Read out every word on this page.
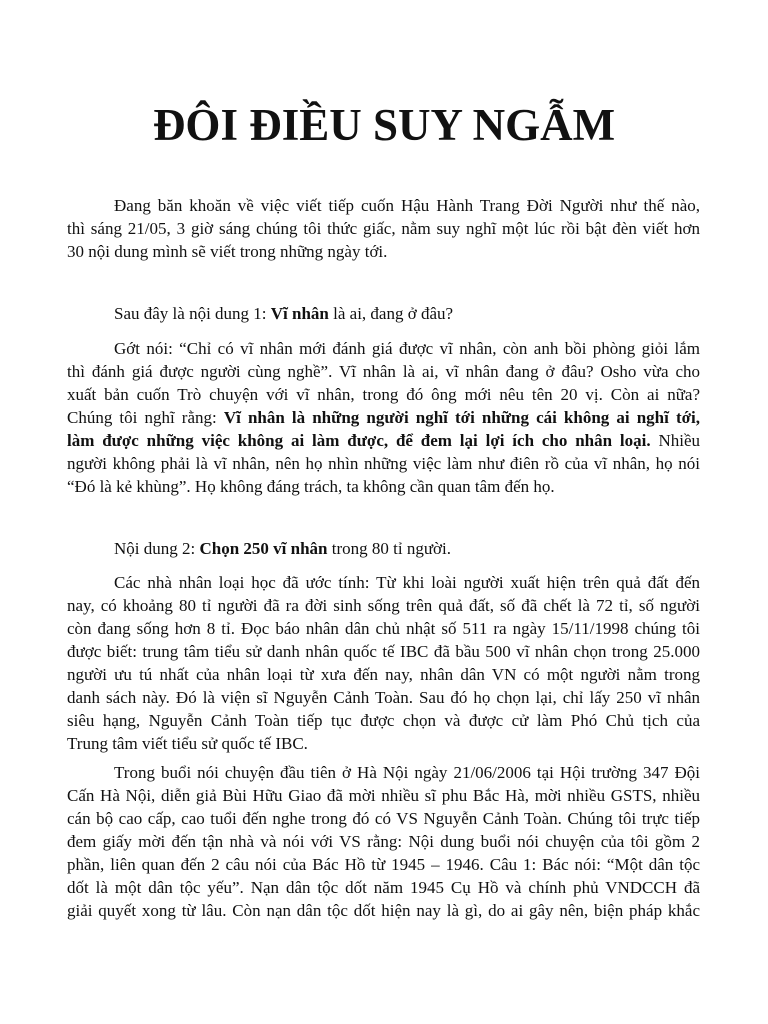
ĐÔI ĐIỀU SUY NGẪM
Đang băn khoăn về việc viết tiếp cuốn Hậu Hành Trang Đời Người như thế nào,
thì sáng 21/05, 3 giờ sáng chúng tôi thức giấc, nằm suy nghĩ một lúc rồi bật đèn viết hơn
30 nội dung mình sẽ viết trong những ngày tới.
Sau đây là nội dung 1: Vĩ nhân là ai, đang ở đâu?
Gớt nói: “Chỉ có vĩ nhân mới đánh giá được vĩ nhân, còn anh bồi phòng giỏi lắm
thì đánh giá được người cùng nghề”. Vĩ nhân là ai, vĩ nhân đang ở đâu? Osho vừa cho
xuất bản cuốn Trò chuyện với vĩ nhân, trong đó ông mới nêu tên 20 vị. Còn ai nữa?
Chúng tôi nghĩ rằng: Vĩ nhân là những người nghĩ tới những cái không ai nghĩ tới,
làm được những việc không ai làm được, để đem lại lợi ích cho nhân loại. Nhiều
người không phải là vĩ nhân, nên họ nhìn những việc làm như điên rồ của vĩ nhân, họ nói
“Đó là kẻ khùng”. Họ không đáng trách, ta không cần quan tâm đến họ.
Nội dung 2: Chọn 250 vĩ nhân trong 80 tỉ người.
Các nhà nhân loại học đã ước tính: Từ khi loài người xuất hiện trên quả đất đến
nay, có khoảng 80 tỉ người đã ra đời sinh sống trên quả đất, số đã chết là 72 tỉ, số người
còn đang sống hơn 8 tỉ. Đọc báo nhân dân chủ nhật số 511 ra ngày 15/11/1998 chúng tôi
được biết: trung tâm tiểu sử danh nhân quốc tế IBC đã bầu 500 vĩ nhân chọn trong 25.000
người ưu tú nhất của nhân loại từ xưa đến nay, nhân dân VN có một người nằm trong
danh sách này. Đó là viện sĩ Nguyễn Cảnh Toàn. Sau đó họ chọn lại, chỉ lấy 250 vĩ nhân
siêu hạng, Nguyễn Cảnh Toàn tiếp tục được chọn và được cử làm Phó Chủ tịch của
Trung tâm viết tiểu sử quốc tế IBC.
Trong buổi nói chuyện đầu tiên ở Hà Nội ngày 21/06/2006 tại Hội trường 347 Đội
Cấn Hà Nội, diễn giả Bùi Hữu Giao đã mời nhiều sĩ phu Bắc Hà, mời nhiều GSTS, nhiều
cán bộ cao cấp, cao tuổi đến nghe trong đó có VS Nguyễn Cảnh Toàn. Chúng tôi trực tiếp
đem giấy mời đến tận nhà và nói với VS rằng: Nội dung buổi nói chuyện của tôi gồm 2
phần, liên quan đến 2 câu nói của Bác Hồ từ 1945 – 1946. Câu 1: Bác nói: “Một dân tộc
dốt là một dân tộc yếu”. Nạn dân tộc dốt năm 1945 Cụ Hồ và chính phủ VNDCCH đã
giải quyết xong từ lâu. Còn nạn dân tộc dốt hiện nay là gì, do ai gây nên, biện pháp khắc
